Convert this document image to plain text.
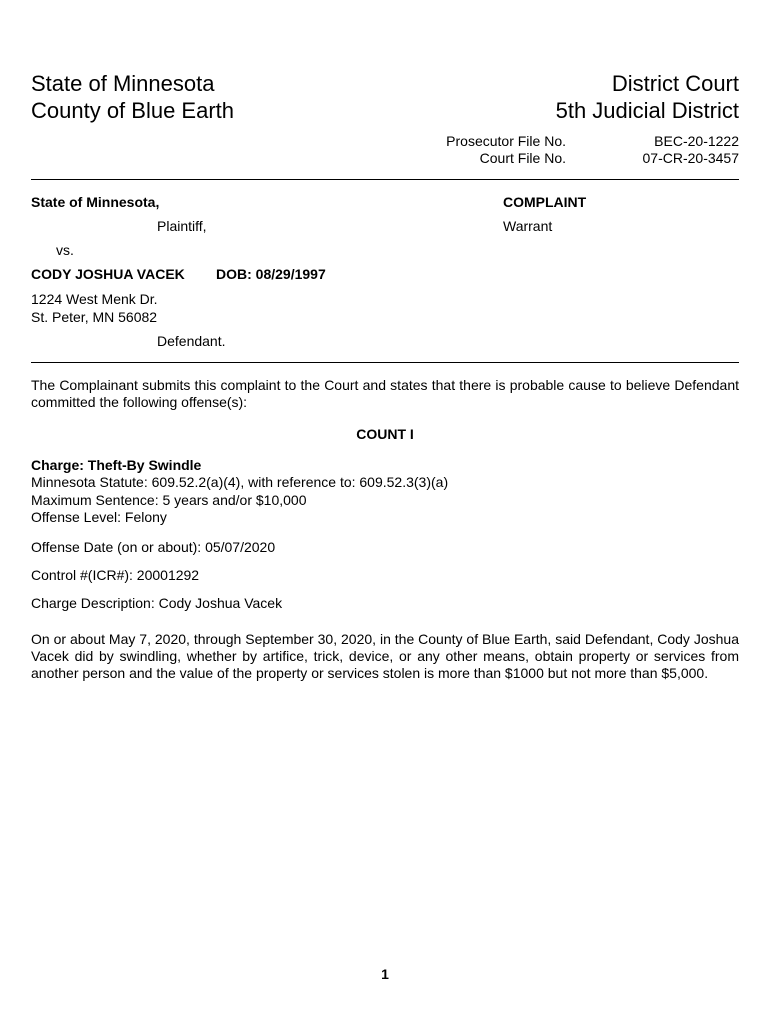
State of Minnesota
County of Blue Earth
District Court
5th Judicial District
Prosecutor File No.
Court File No.
BEC-20-1222
07-CR-20-3457
State of Minnesota,
Plaintiff,
vs.
CODY JOSHUA VACEK DOB: 08/29/1997
1224 West Menk Dr.
St. Peter, MN 56082
Defendant.
COMPLAINT
Warrant
The Complainant submits this complaint to the Court and states that there is probable cause to believe Defendant committed the following offense(s):
COUNT I
Charge: Theft-By Swindle
Minnesota Statute: 609.52.2(a)(4), with reference to: 609.52.3(3)(a)
Maximum Sentence: 5 years and/or $10,000
Offense Level: Felony
Offense Date (on or about): 05/07/2020
Control #(ICR#): 20001292
Charge Description: Cody Joshua Vacek
On or about May 7, 2020, through September 30, 2020, in the County of Blue Earth, said Defendant, Cody Joshua Vacek did by swindling, whether by artifice, trick, device, or any other means, obtain property or services from another person and the value of the property or services stolen is more than $1000 but not more than $5,000.
1
